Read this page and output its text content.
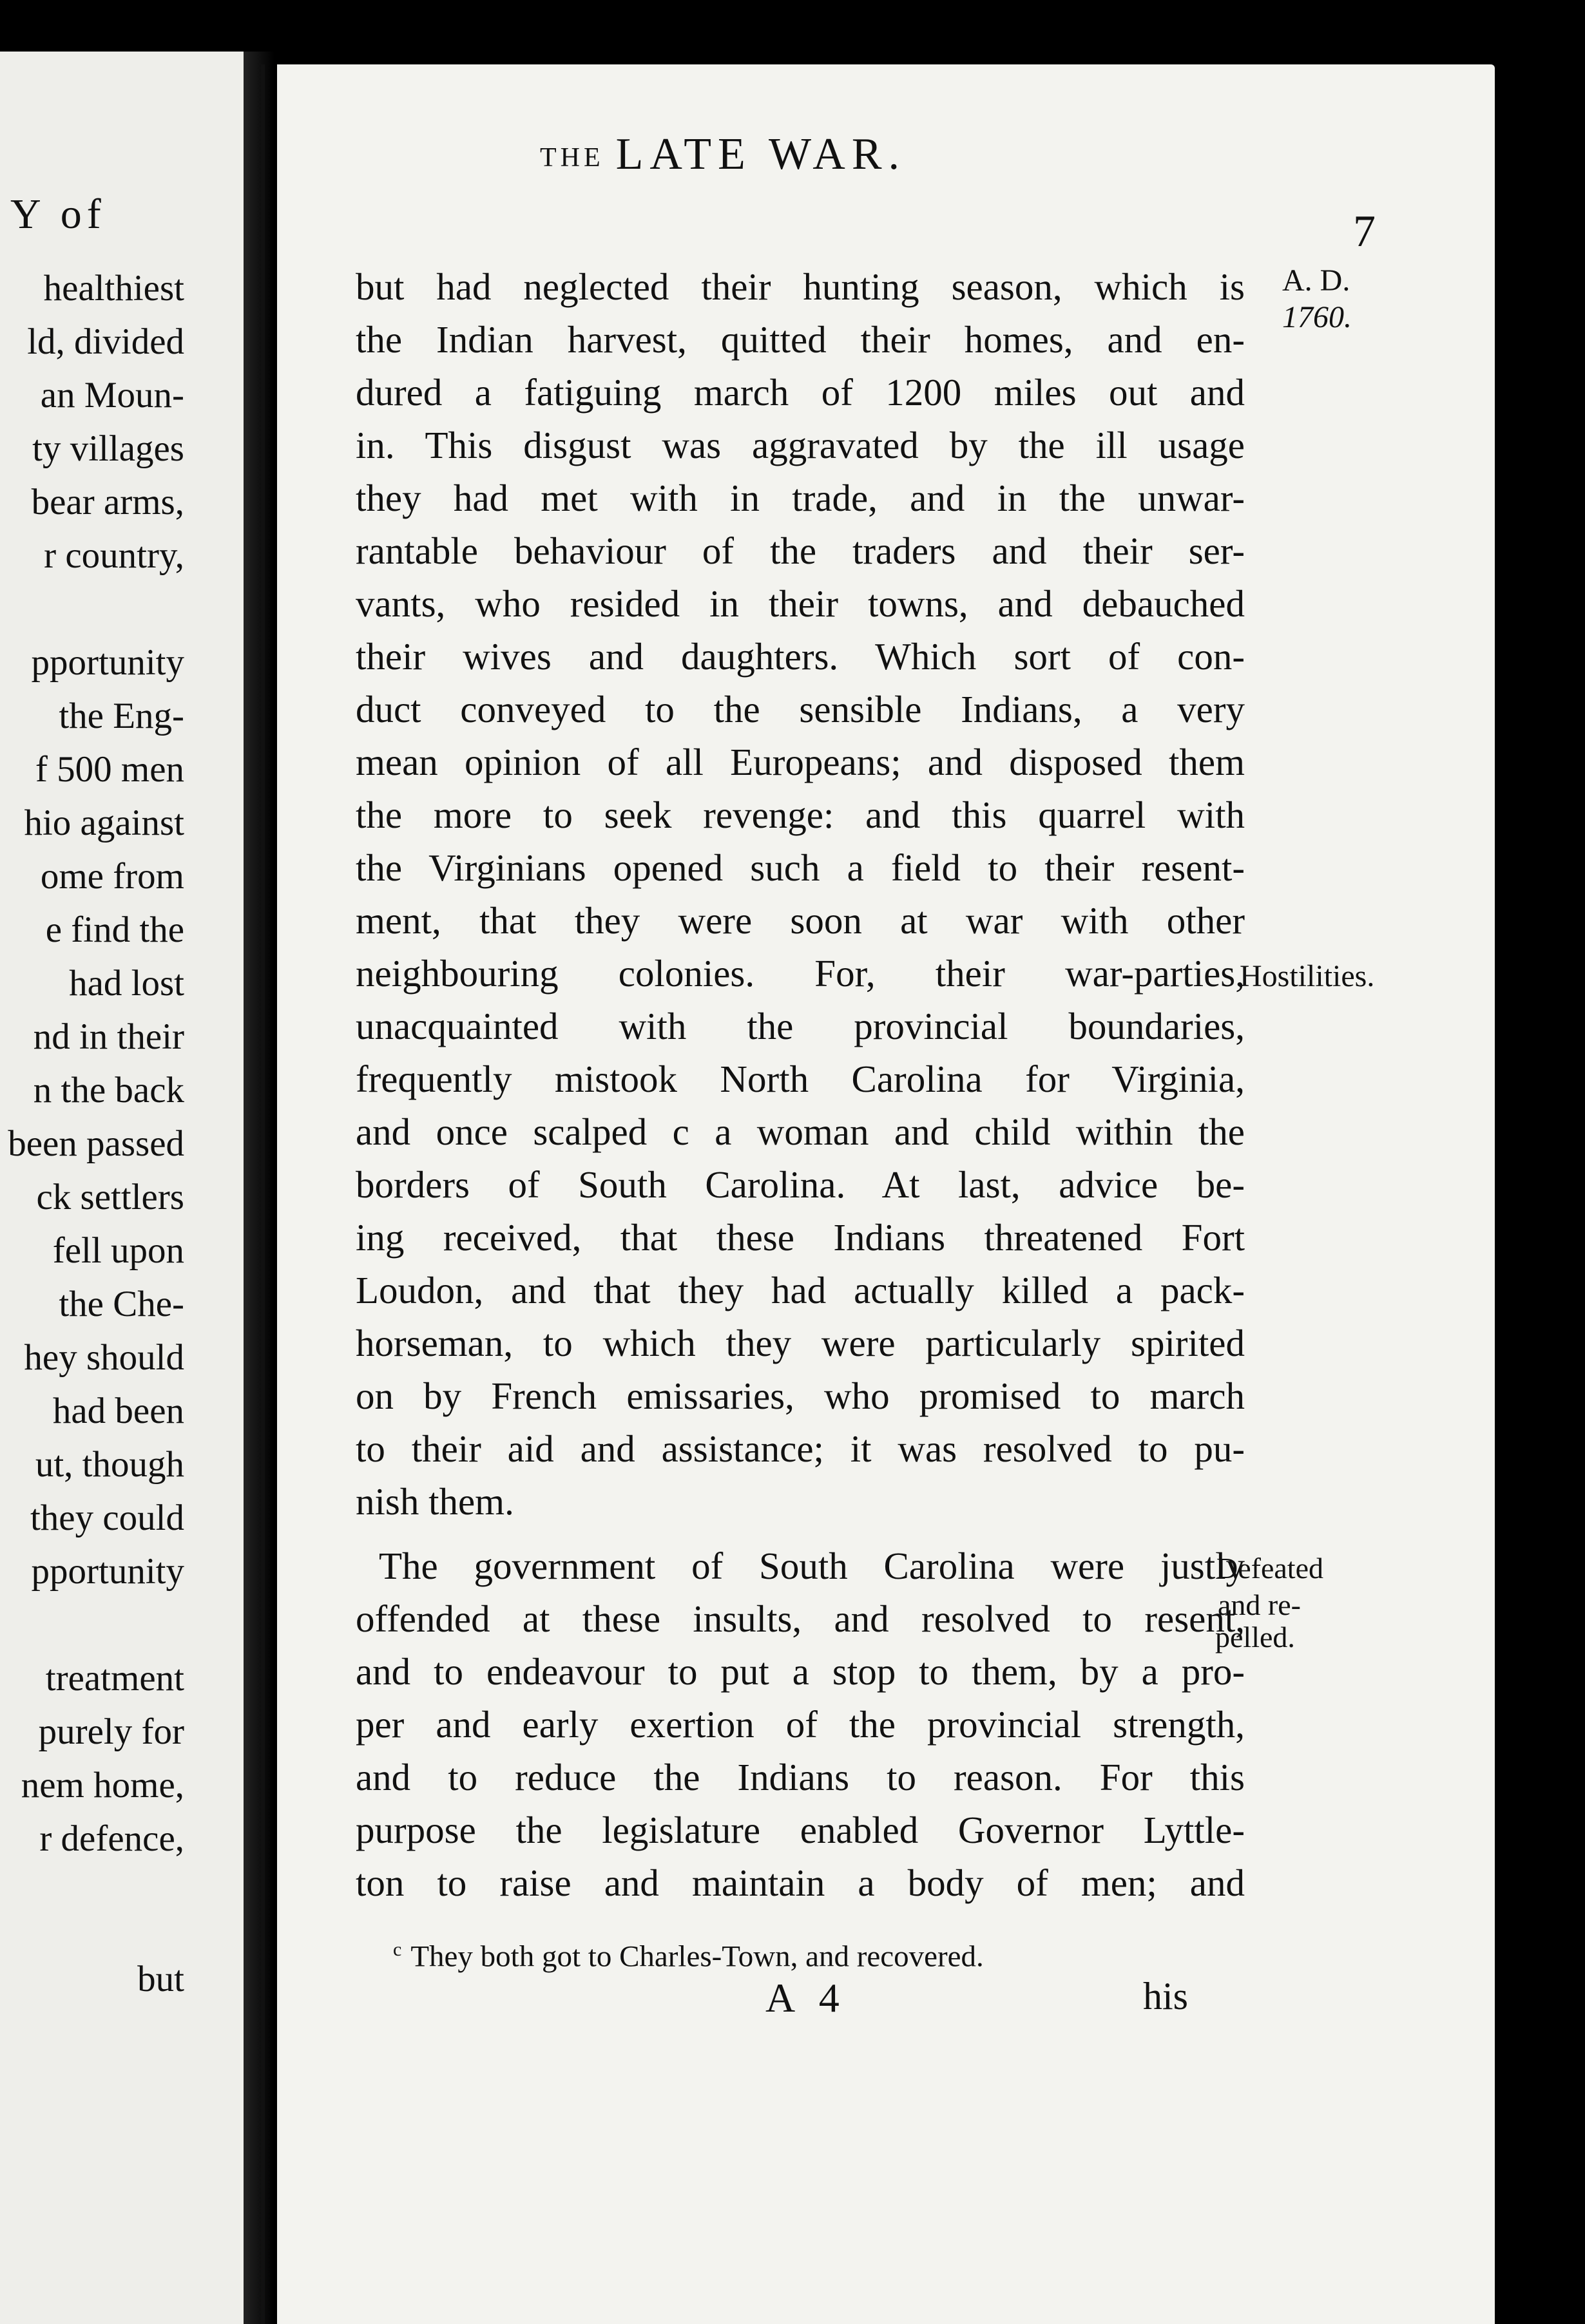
Y of
healthiest
ld, divided
an Moun-
ty villages
bear arms,
r country,
pportunity
the Eng-
f 500 men
hio against
ome from
e find the
had lost
nd in their
n the back
been passed
ck settlers
fell upon
the Che-
hey should
had been
ut, though
they could
pportunity
treatment
purely for
nem home,
r defence,
but
THE LATE WAR.
7
but had neglected their hunting season, which is
the Indian harvest, quitted their homes, and en-
dured a fatiguing march of 1200 miles out and
in. This disgust was aggravated by the ill usage
they had met with in trade, and in the unwar-
rantable behaviour of the traders and their ser-
vants, who resided in their towns, and debauched
their wives and daughters. Which sort of con-
duct conveyed to the sensible Indians, a very
mean opinion of all Europeans; and disposed them
the more to seek revenge: and this quarrel with
the Virginians opened such a field to their resent-
ment, that they were soon at war with other
neighbouring colonies. For, their war-parties,
unacquainted with the provincial boundaries,
frequently mistook North Carolina for Virginia,
and once scalped c a woman and child within the
borders of South Carolina. At last, advice be-
ing received, that these Indians threatened Fort
Loudon, and that they had actually killed a pack-
horseman, to which they were particularly spirited
on by French emissaries, who promised to march
to their aid and assistance; it was resolved to pu-
nish them.
The government of South Carolina were justly
offended at these insults, and resolved to resent,
and to endeavour to put a stop to them, by a pro-
per and early exertion of the provincial strength,
and to reduce the Indians to reason. For this
purpose the legislature enabled Governor Lyttle-
ton to raise and maintain a body of men; and
A. D.
1760.
Hostilities.
Defeated
and re-
pelled.
$^c$ They both got to Charles-Town, and recovered.
A 4	his
